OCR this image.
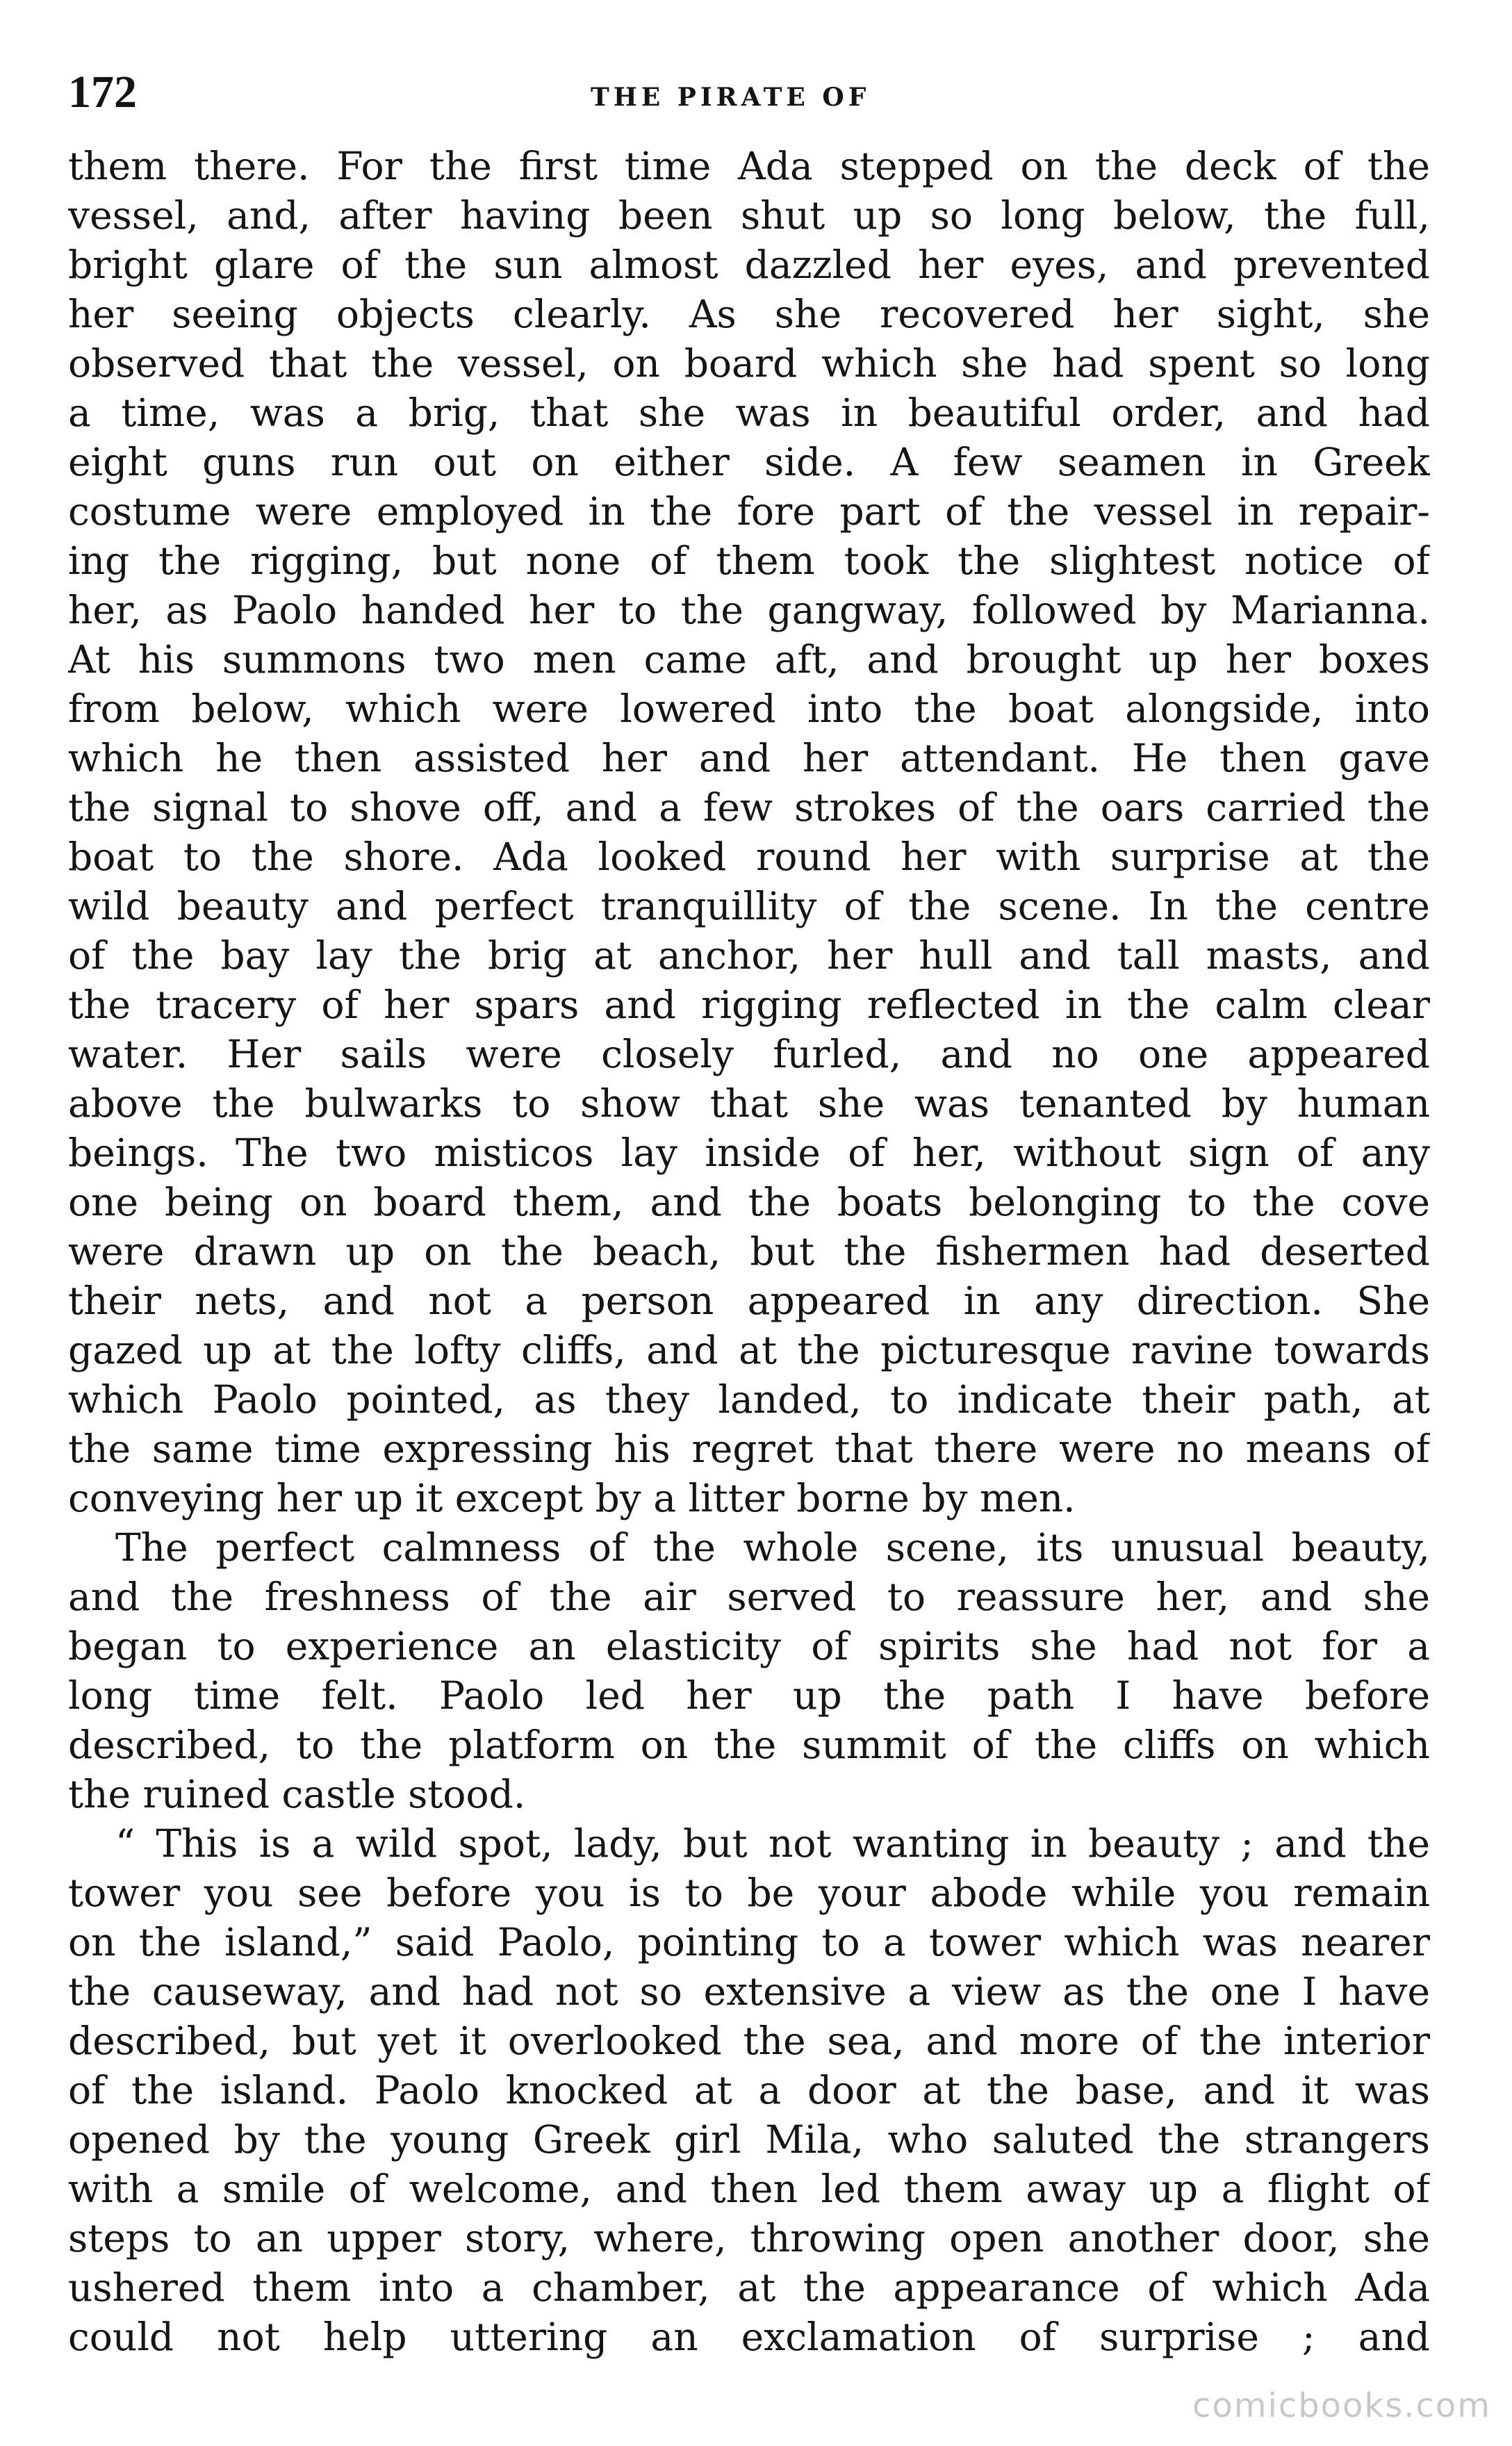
172	THE PIRATE OF
them there. For the first time Ada stepped on the deck of the
vessel, and, after having been shut up so long below, the full,
bright glare of the sun almost dazzled her eyes, and prevented
her seeing objects clearly. As she recovered her sight, she
observed that the vessel, on board which she had spent so long
a time, was a brig, that she was in beautiful order, and had
eight guns run out on either side. A few seamen in Greek
costume were employed in the fore part of the vessel in repair-
ing the rigging, but none of them took the slightest notice of
her, as Paolo handed her to the gangway, followed by Marianna.
At his summons two men came aft, and brought up her boxes
from below, which were lowered into the boat alongside, into
which he then assisted her and her attendant. He then gave
the signal to shove off, and a few strokes of the oars carried the
boat to the shore. Ada looked round her with surprise at the
wild beauty and perfect tranquillity of the scene. In the centre
of the bay lay the brig at anchor, her hull and tall masts, and
the tracery of her spars and rigging reflected in the calm clear
water. Her sails were closely furled, and no one appeared
above the bulwarks to show that she was tenanted by human
beings. The two misticos lay inside of her, without sign of any
one being on board them, and the boats belonging to the cove
were drawn up on the beach, but the fishermen had deserted
their nets, and not a person appeared in any direction. She
gazed up at the lofty cliffs, and at the picturesque ravine towards
which Paolo pointed, as they landed, to indicate their path, at
the same time expressing his regret that there were no means of
conveying her up it except by a litter borne by men.
The perfect calmness of the whole scene, its unusual beauty,
and the freshness of the air served to reassure her, and she
began to experience an elasticity of spirits she had not for a
long time felt. Paolo led her up the path I have before
described, to the platform on the summit of the cliffs on which
the ruined castle stood.
“ This is a wild spot, lady, but not wanting in beauty ; and the
tower you see before you is to be your abode while you remain
on the island,” said Paolo, pointing to a tower which was nearer
the causeway, and had not so extensive a view as the one I have
described, but yet it overlooked the sea, and more of the interior
of the island. Paolo knocked at a door at the base, and it was
opened by the young Greek girl Mila, who saluted the strangers
with a smile of welcome, and then led them away up a flight of
steps to an upper story, where, throwing open another door, she
ushered them into a chamber, at the appearance of which Ada
could not help uttering an exclamation of surprise ; and
comicbooks.com
